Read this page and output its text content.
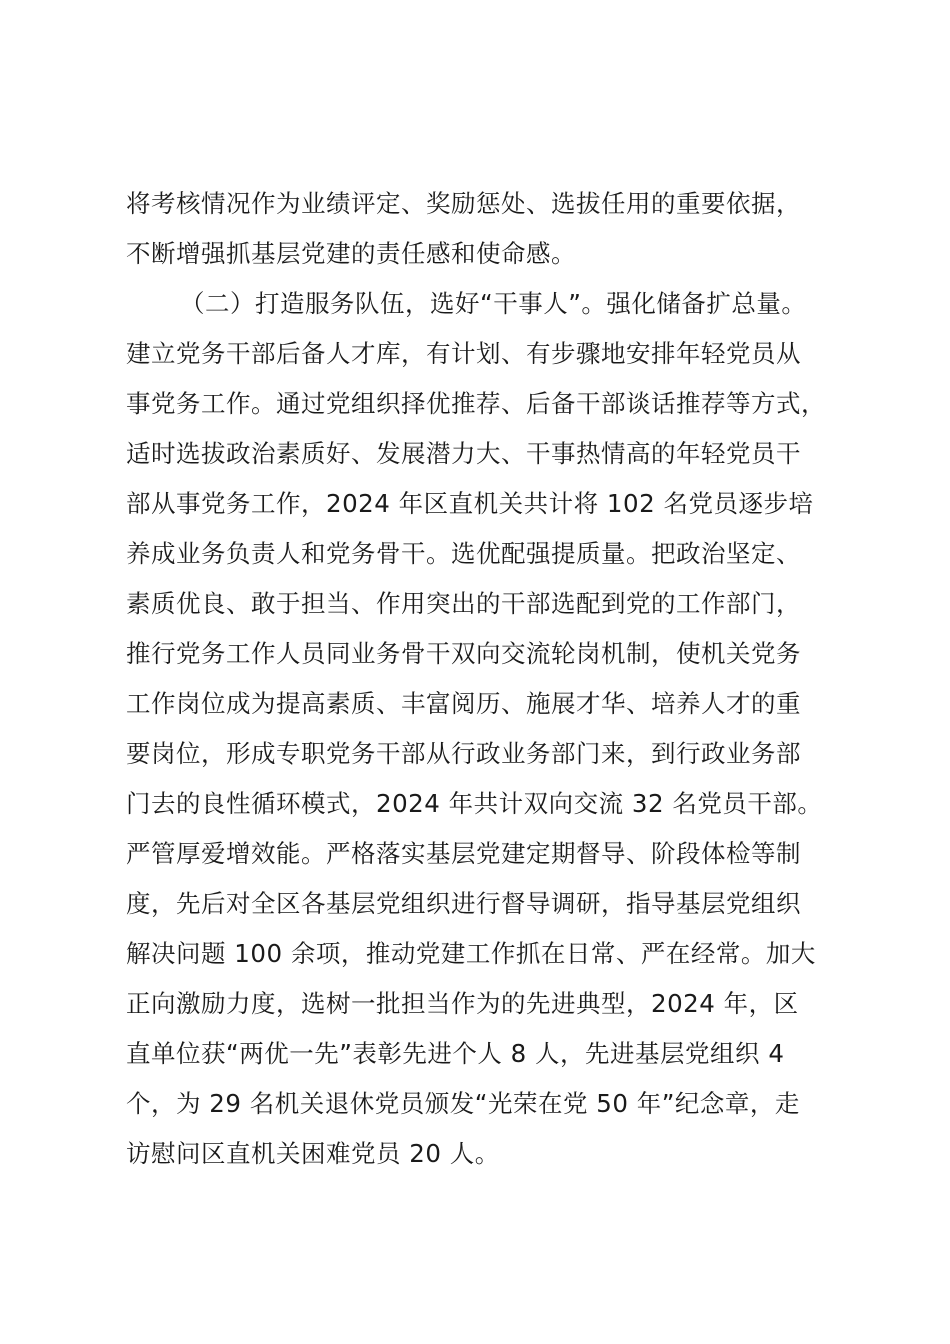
将考核情况作为业绩评定、奖励惩处、选拔任用的重要依据，
不断增强抓基层党建的责任感和使命感。
（二）打造服务队伍，选好“干事人”。强化储备扩总量。
建立党务干部后备人才库，有计划、有步骤地安排年轻党员从
事党务工作。通过党组织择优推荐、后备干部谈话推荐等方式，
适时选拔政治素质好、发展潜力大、干事热情高的年轻党员干
部从事党务工作，2024 年区直机关共计将 102 名党员逐步培
养成业务负责人和党务骨干。选优配强提质量。把政治坚定、
素质优良、敢于担当、作用突出的干部选配到党的工作部门，
推行党务工作人员同业务骨干双向交流轮岗机制，使机关党务
工作岗位成为提高素质、丰富阅历、施展才华、培养人才的重
要岗位，形成专职党务干部从行政业务部门来，到行政业务部
门去的良性循环模式，2024 年共计双向交流 32 名党员干部。
严管厚爱增效能。严格落实基层党建定期督导、阶段体检等制
度，先后对全区各基层党组织进行督导调研，指导基层党组织
解决问题 100 余项，推动党建工作抓在日常、严在经常。加大
正向激励力度，选树一批担当作为的先进典型，2024 年，区
直单位获“两优一先”表彰先进个人 8 人，先进基层党组织 4
个，为 29 名机关退休党员颁发“光荣在党 50 年”纪念章，走
访慰问区直机关困难党员 20 人。
